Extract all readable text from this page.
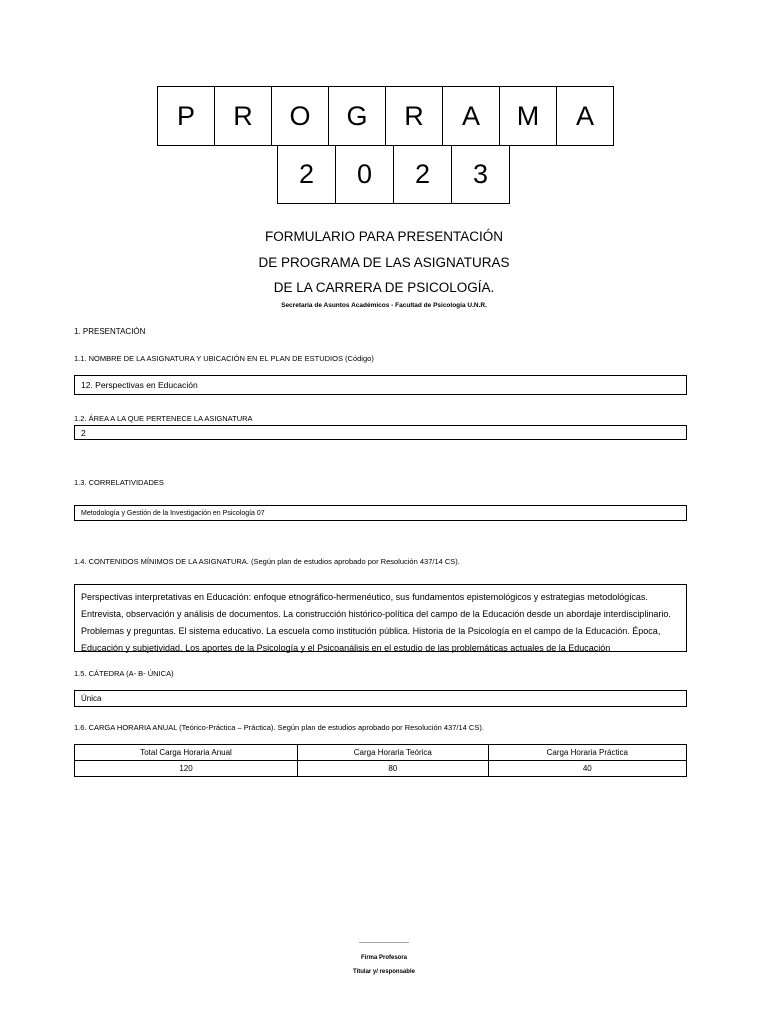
P	R	O	G	R	A	M	A
2	0	2	3
FORMULARIO PARA PRESENTACIÓN
DE PROGRAMA DE LAS ASIGNATURAS
DE LA CARRERA DE PSICOLOGÍA.
Secretaría de Asuntos Académicos - Facultad de Psicología U.N.R.
1. PRESENTACIÓN
1.1. NOMBRE DE LA ASIGNATURA Y UBICACIÓN EN EL PLAN DE ESTUDIOS (Código)
12. Perspectivas en Educación
1.2. ÁREA A LA QUE PERTENECE LA ASIGNATURA
2
1.3. CORRELATIVIDADES
Metodología y Gestión de la Investigación en Psicología 07
1.4. CONTENIDOS MÍNIMOS DE LA ASIGNATURA. (Según plan de estudios aprobado por Resolución 437/14 CS).
Perspectivas interpretativas en Educación: enfoque etnográfico-hermenéutico, sus fundamentos epistemológicos y estrategias metodológicas.
Entrevista, observación y análisis de documentos. La construcción histórico-política del campo de la Educación desde un abordaje interdisciplinario.
Problemas y preguntas. El sistema educativo. La escuela como institución pública. Historia de la Psicología en el campo de la Educación. Época,
Educación y subjetividad. Los aportes de la Psicología y el Psicoanálisis en el estudio de las problemáticas actuales de la Educación
1.5. CÁTEDRA (A- B- ÚNICA)
Única
1.6. CARGA HORARIA ANUAL (Teórico-Práctica – Práctica). Según plan de estudios aprobado por Resolución 437/14 CS).
Total Carga Horaria Anual	Carga Horaria Teórica	Carga Horaria Práctica
120	80	40
-------------------------
Firma Profesora
Titular y/ responsable
